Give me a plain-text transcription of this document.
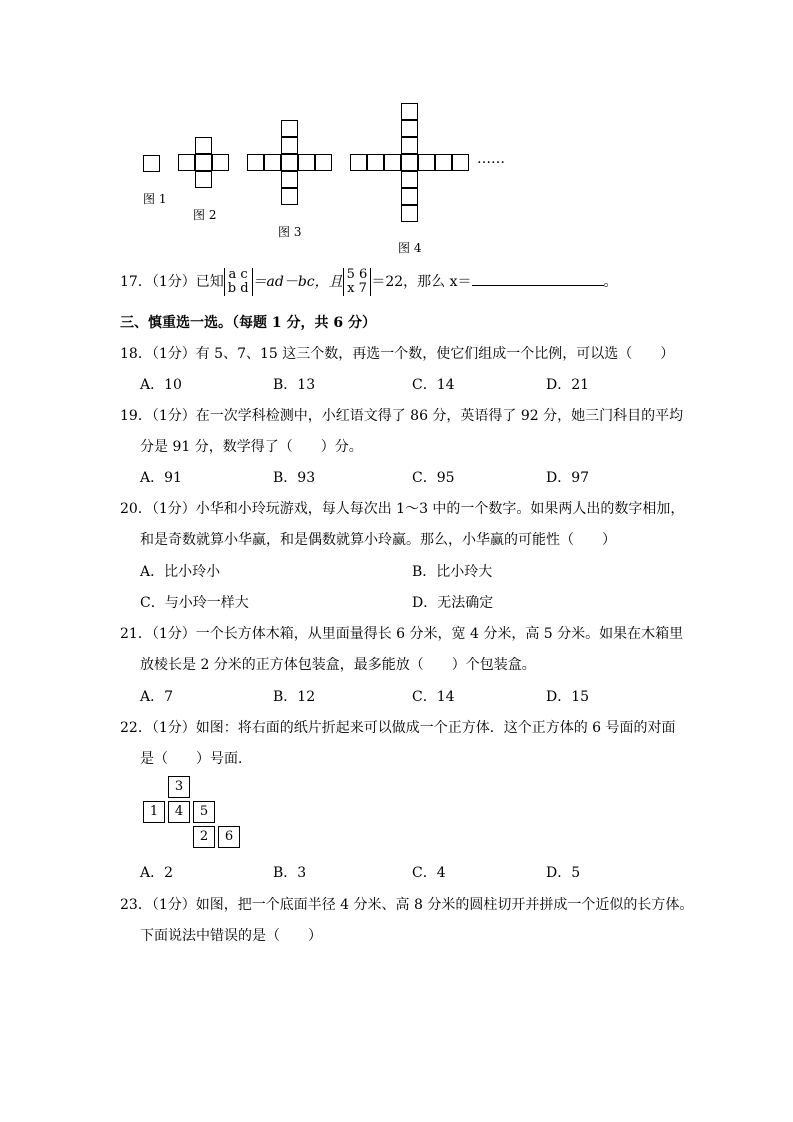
图 1
图 2
图 3
图 4
……
17．（1分）已知 a c
b d ＝ad－bc，且 5 6
x 7 ＝22，那么 x＝	。
三、慎重选一选。（每题 1 分，共 6 分）
18．（1分）有 5、7、15 这三个数，再选一个数，使它们组成一个比例，可以选（　　）
A．10	B．13	C．14	D．21
19．（1分）在一次学科检测中，小红语文得了 86 分，英语得了 92 分，她三门科目的平均
分是 91 分，数学得了（　　）分。
A．91	B．93	C．95	D．97
20．（1分）小华和小玲玩游戏，每人每次出 1～3 中的一个数字。如果两人出的数字相加，
和是奇数就算小华赢，和是偶数就算小玲赢。那么，小华赢的可能性（　　）
A．比小玲小	B．比小玲大
C．与小玲一样大	D．无法确定
21．（1分）一个长方体木箱，从里面量得长 6 分米，宽 4 分米，高 5 分米。如果在木箱里
放棱长是 2 分米的正方体包装盒，最多能放（　　）个包装盒。
A．7	B．12	C．14	D．15
22．（1分）如图：将右面的纸片折起来可以做成一个正方体．这个正方体的 6 号面的对面
是（　　）号面．
3
1	4	5
2	6
A．2	B．3	C．4	D．5
23．（1分）如图，把一个底面半径 4 分米、高 8 分米的圆柱切开并拼成一个近似的长方体。
下面说法中错误的是（　　）
